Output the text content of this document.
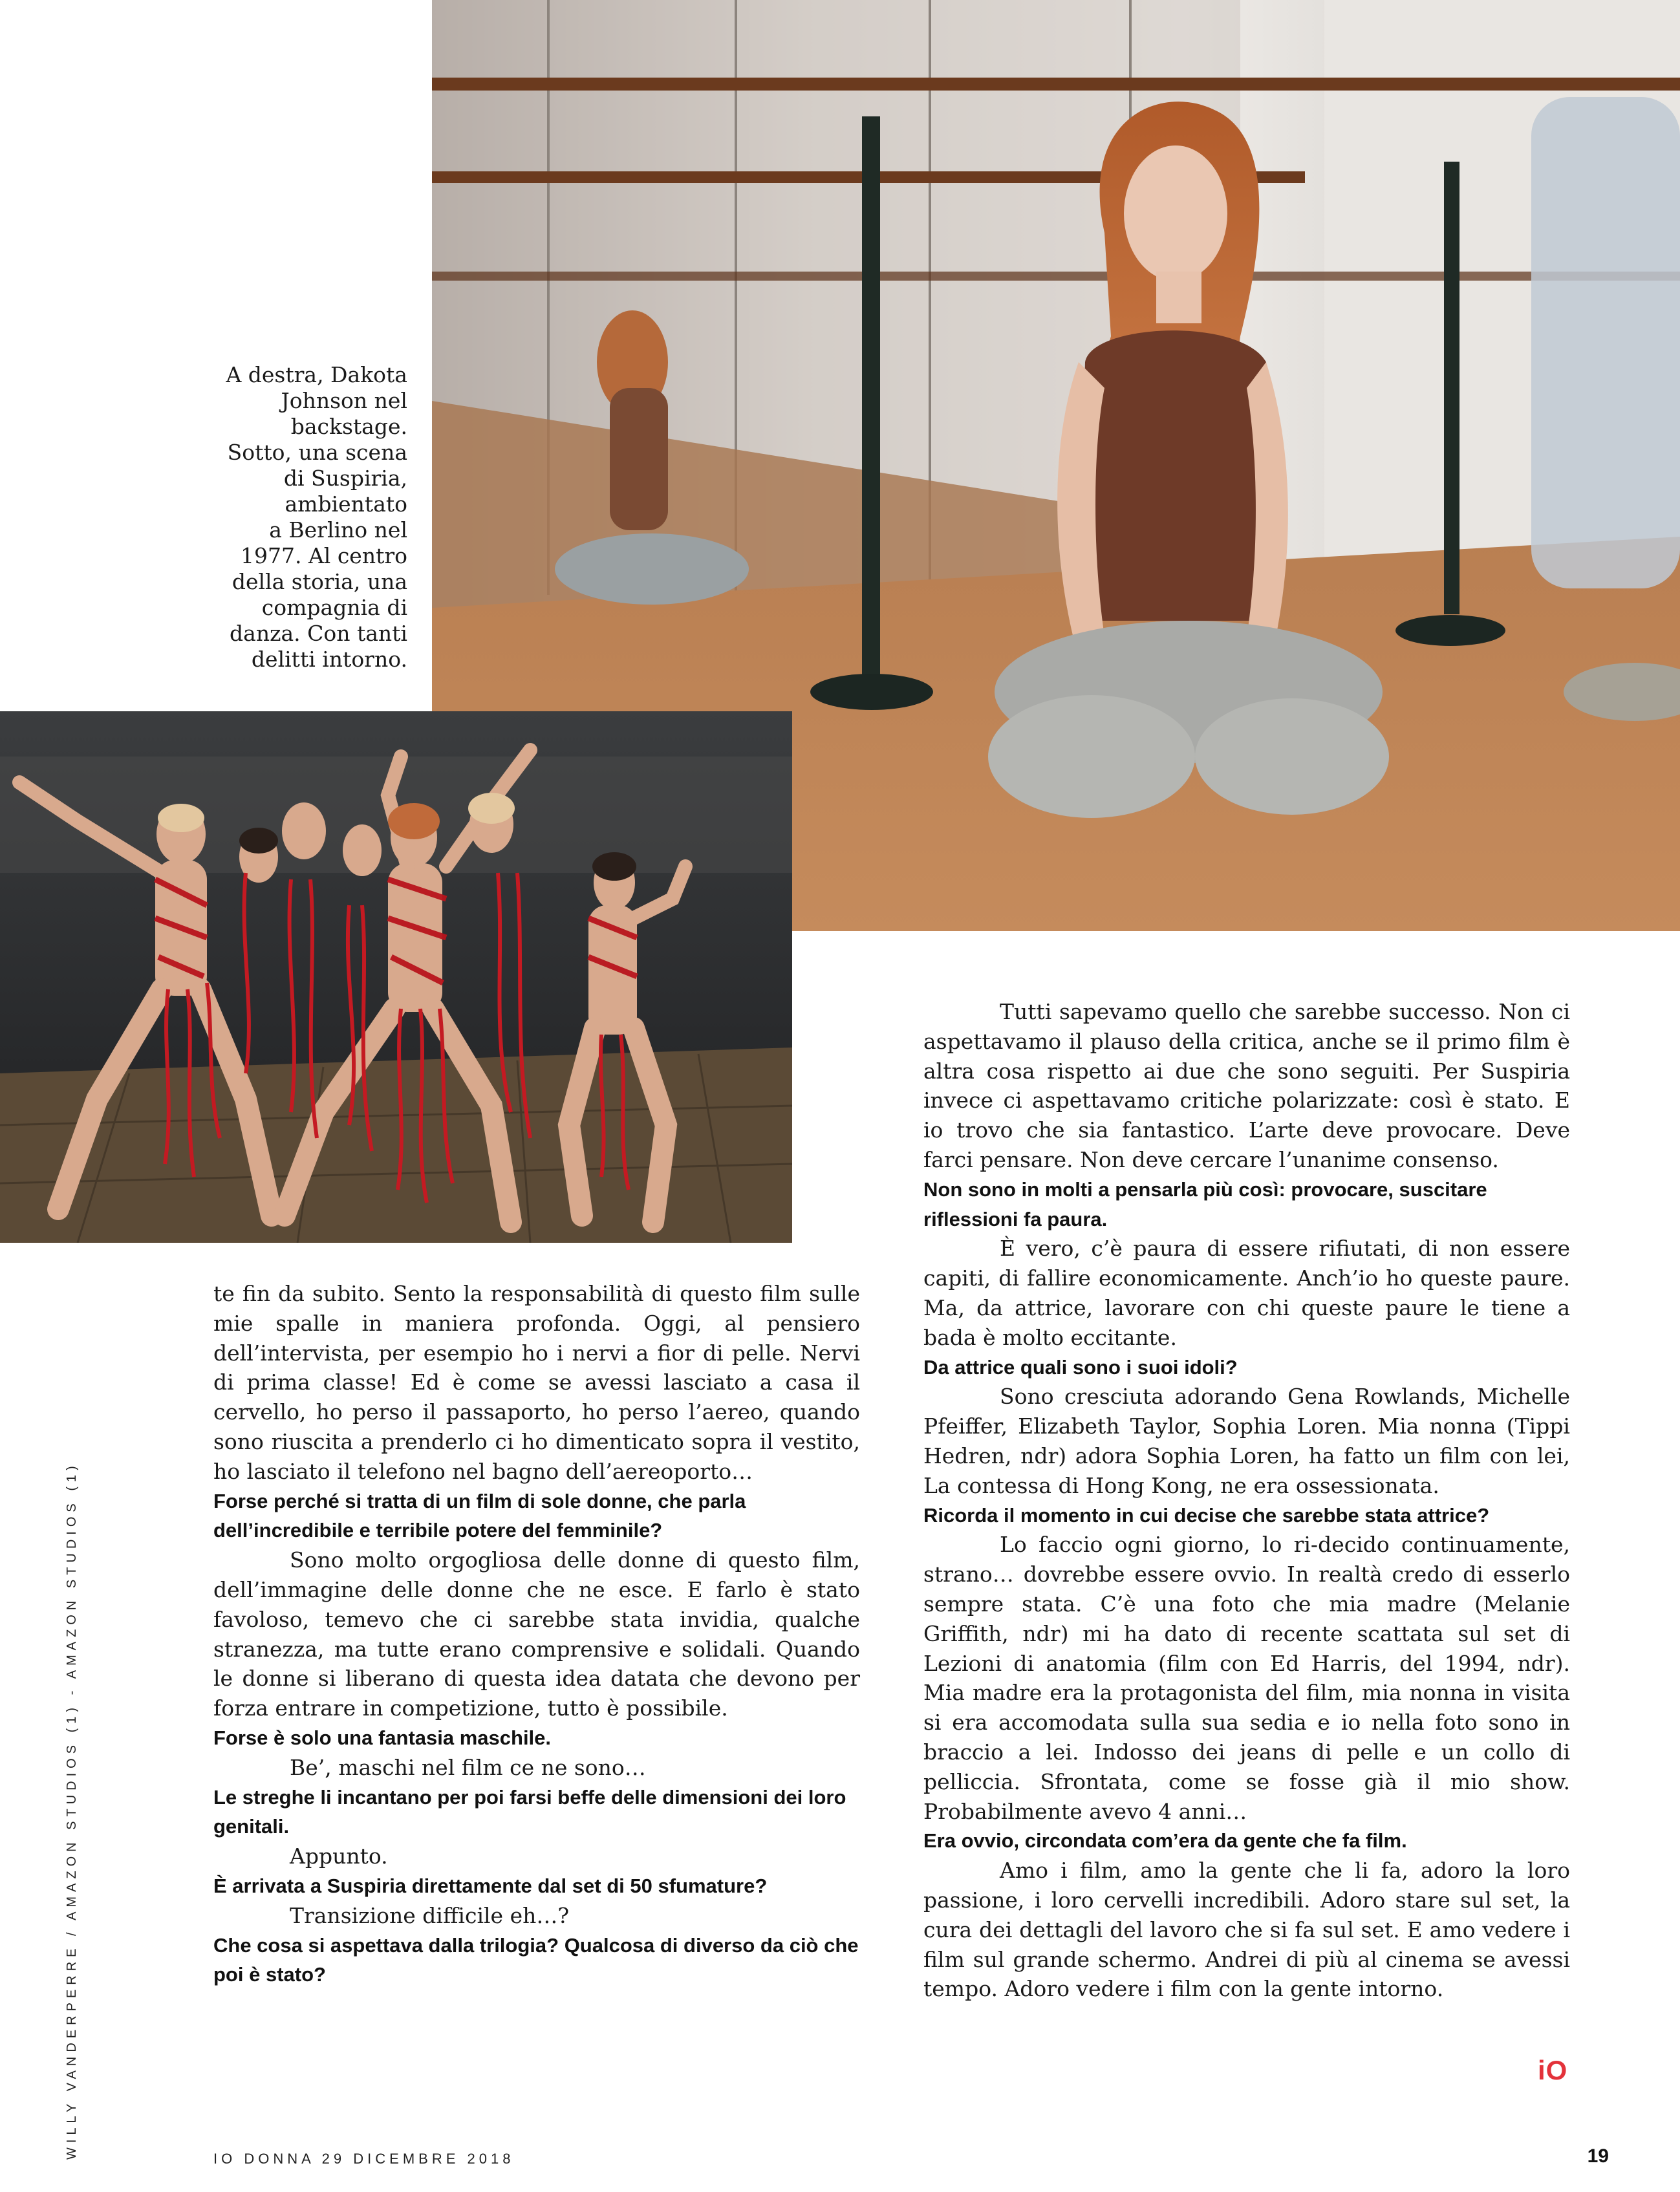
A destra, Dakota

Johnson nel

backstage.

Sotto, una scena

di Suspiria,

ambientato

a Berlino nel

1977. Al centro

della storia, una

compagnia di

danza. Con tanti

delitti intorno.

te fin da subito. Sento la responsabilità di questo film sulle mie spalle in maniera profonda. Oggi, al pensiero dell’intervista, per esempio ho i nervi a fior di pelle. Nervi di prima classe! Ed è come se avessi lasciato a casa il cervello, ho perso il passaporto, ho perso l’aereo, quando sono riuscita a prenderlo ci ho dimenticato sopra il vestito, ho lasciato il telefono nel bagno dell’aereoporto…

Forse perché si tratta di un film di sole donne, che parla dell’incredibile e terribile potere del femminile?

Sono molto orgogliosa delle donne di questo film, dell’immagine delle donne che ne esce. E farlo è stato favoloso, temevo che ci sarebbe stata invidia, qualche stranezza, ma tutte erano comprensive e solidali. Quando le donne si liberano di questa idea datata che devono per forza entrare in competizione, tutto è possibile.

Forse è solo una fantasia maschile.

Be’, maschi nel film ce ne sono…

Le streghe li incantano per poi farsi beffe delle dimensioni dei loro genitali.

Appunto.

È arrivata a Suspiria direttamente dal set di 50 sfumature?

Transizione difficile eh…?

Che cosa si aspettava dalla trilogia? Qualcosa di diverso da ciò che poi è stato?

Tutti sapevamo quello che sarebbe successo. Non ci aspettavamo il plauso della critica, anche se il primo film è altra cosa rispetto ai due che sono seguiti. Per Suspiria invece ci aspettavamo critiche polarizzate: così è stato. E io trovo che sia fantastico. L’arte deve provocare. Deve farci pensare. Non deve cercare l’unanime consenso.

Non sono in molti a pensarla più così: provocare, suscitare riflessioni fa paura.

È vero, c’è paura di essere rifiutati, di non essere capiti, di fallire economicamente. Anch’io ho queste paure. Ma, da attrice, lavorare con chi queste paure le tiene a bada è molto eccitante.

Da attrice quali sono i suoi idoli?

Sono cresciuta adorando Gena Rowlands, Michelle Pfeiffer, Elizabeth Taylor, Sophia Loren. Mia nonna (Tippi Hedren, ndr) adora Sophia Loren, ha fatto un film con lei, La contessa di Hong Kong, ne era ossessionata.

Ricorda il momento in cui decise che sarebbe stata attrice?

Lo faccio ogni giorno, lo ri-decido continuamente, strano… dovrebbe essere ovvio. In realtà credo di esserlo sempre stata. C’è una foto che mia madre (Melanie Griffith, ndr) mi ha dato di recente scattata sul set di Lezioni di anatomia (film con Ed Harris, del 1994, ndr). Mia madre era la protagonista del film, mia nonna in visita si era accomodata sulla sua sedia e io nella foto sono in braccio a lei. Indosso dei jeans di pelle e un collo di pelliccia. Sfrontata, come se fosse già il mio show. Probabilmente avevo 4 anni…

Era ovvio, circondata com’era da gente che fa film.

Amo i film, amo la gente che li fa, adoro la loro passione, i loro cervelli incredibili. Adoro stare sul set, la cura dei dettagli del lavoro che si fa sul set. E amo vedere i film sul grande schermo. Andrei di più al cinema se avessi tempo. Adoro vedere i film con la gente intorno.

iO
WILLY VANDERPERRE / AMAZON STUDIOS (1) - AMAZON STUDIOS (1)	IO DONNA 29 DICEMBRE 2018	19
